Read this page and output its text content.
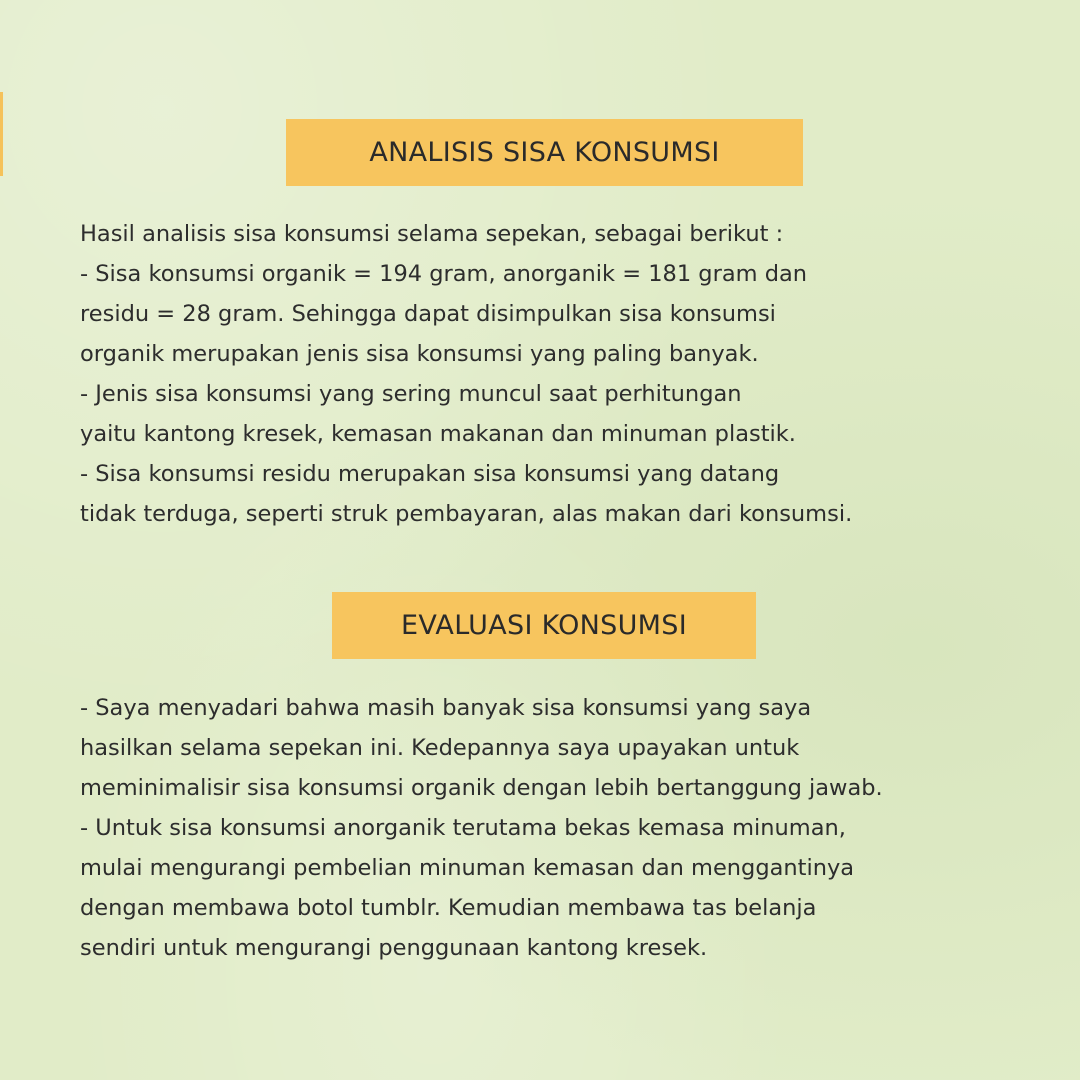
ANALISIS SISA KONSUMSI
Hasil analisis sisa konsumsi selama sepekan, sebagai berikut :
- Sisa konsumsi organik = 194 gram, anorganik = 181 gram dan
residu = 28 gram. Sehingga dapat disimpulkan sisa konsumsi
organik merupakan jenis sisa konsumsi yang paling banyak.
- Jenis sisa konsumsi yang sering muncul saat perhitungan
yaitu kantong kresek, kemasan makanan dan minuman plastik.
- Sisa konsumsi residu merupakan sisa konsumsi yang datang
tidak terduga, seperti struk pembayaran, alas makan dari konsumsi.
EVALUASI KONSUMSI
- Saya menyadari bahwa masih banyak sisa konsumsi yang saya
hasilkan selama sepekan ini. Kedepannya saya upayakan untuk
meminimalisir sisa konsumsi organik dengan lebih bertanggung jawab.
- Untuk sisa konsumsi anorganik terutama bekas kemasa minuman,
mulai mengurangi pembelian minuman kemasan dan menggantinya
dengan membawa botol tumblr. Kemudian membawa tas belanja
sendiri untuk mengurangi penggunaan kantong kresek.
